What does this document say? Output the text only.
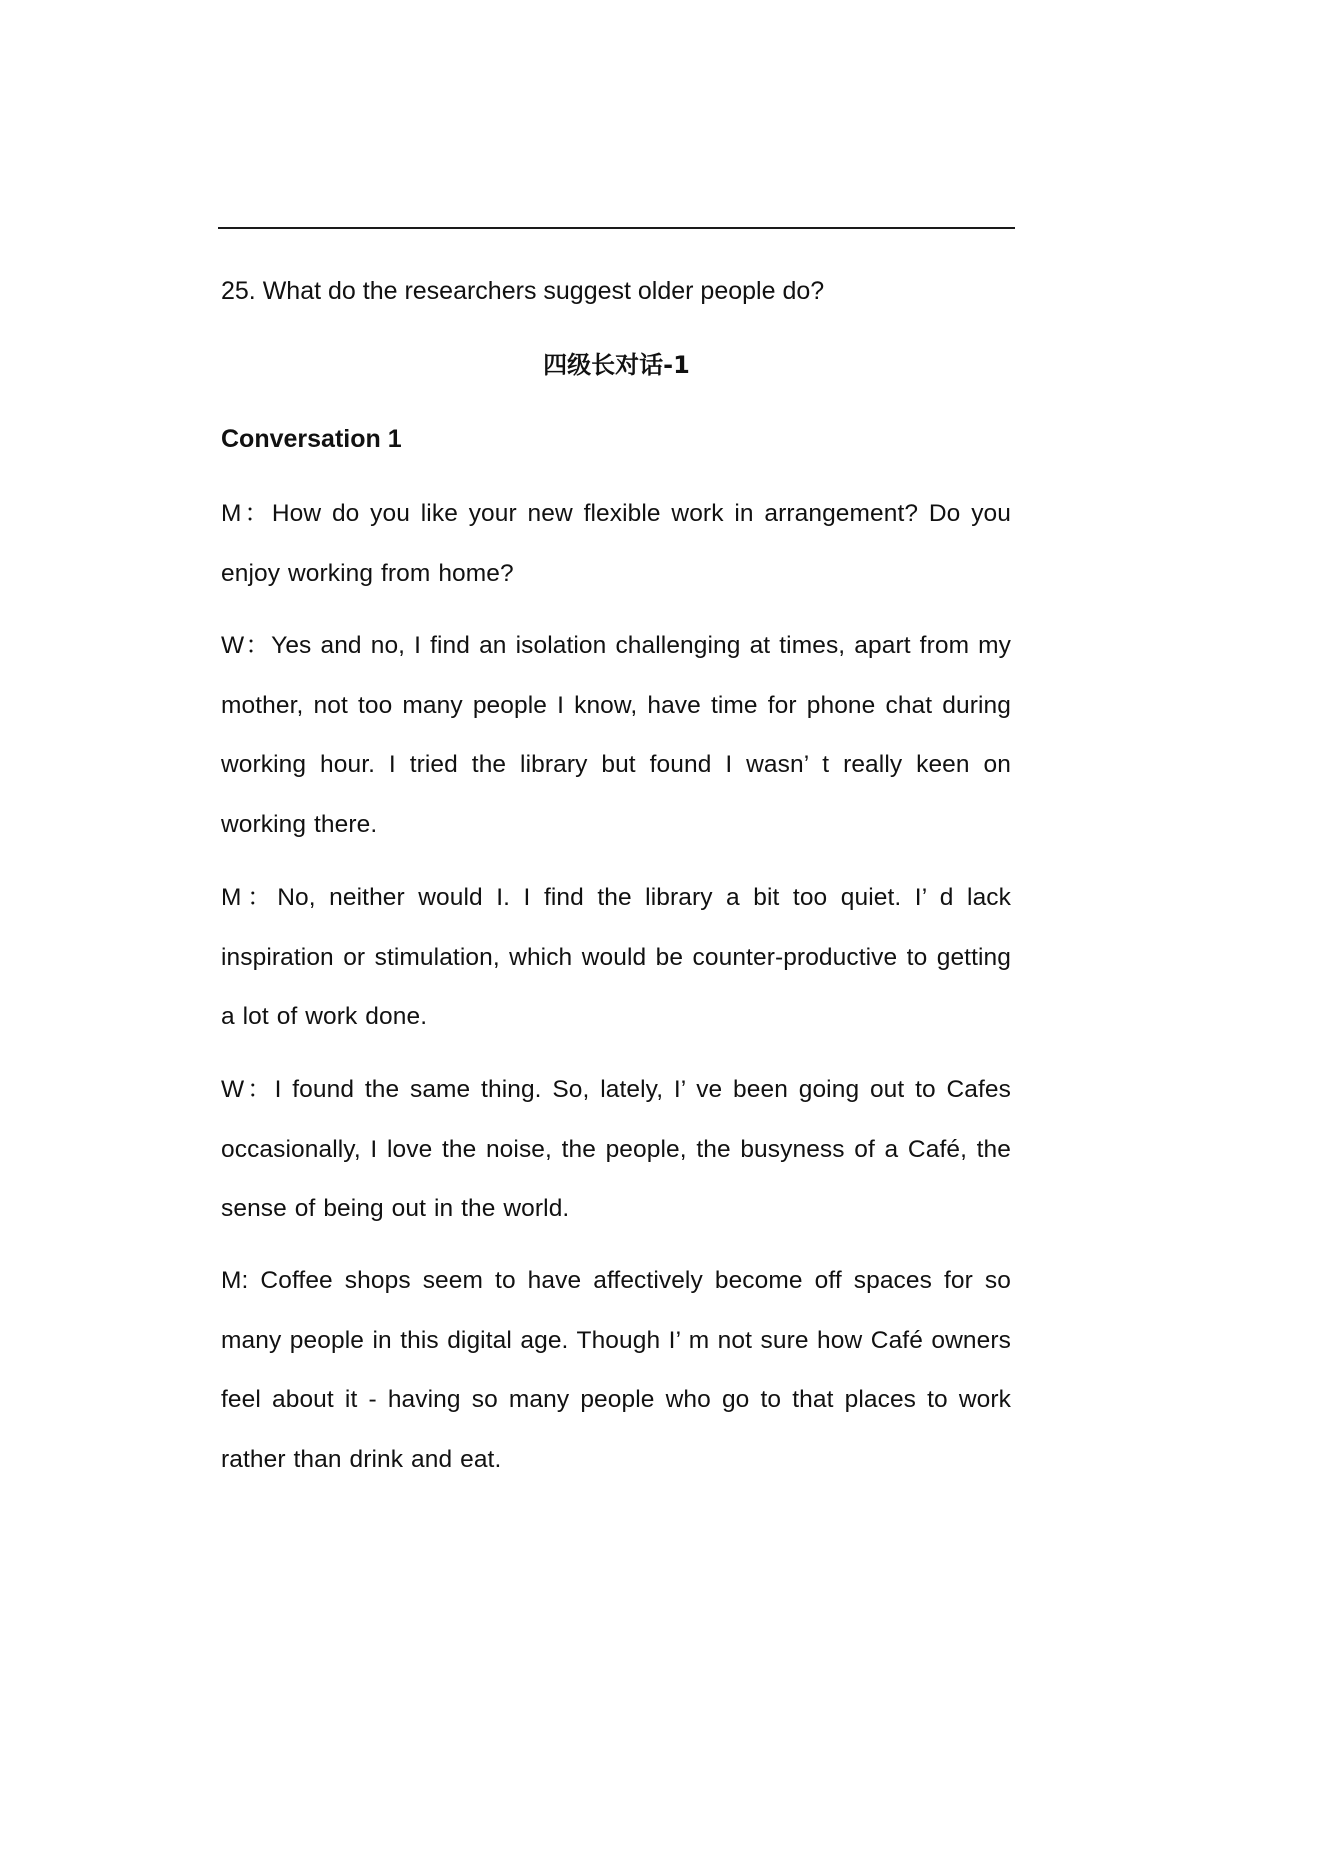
25. What do the researchers suggest older people do?
四级长对话-1
Conversation 1

M：How do you like your new flexible work in arrangement? Do you enjoy working from home?

W：Yes and no, I find an isolation challenging at times, apart from my mother, not too many people I know, have time for phone chat during working hour. I tried the library but found I wasn’ t really keen on working there.

M：No, neither would I. I find the library a bit too quiet. I’ d lack inspiration or stimulation, which would be counter-productive to getting a lot of work done.

W：I found the same thing. So, lately, I’ ve been going out to Cafes occasionally, I love the noise, the people, the busyness of a Café, the sense of being out in the world.

M: Coffee shops seem to have affectively become off spaces for so many people in this digital age. Though I’ m not sure how Café owners feel about it - having so many people who go to that places to work rather than drink and eat.
